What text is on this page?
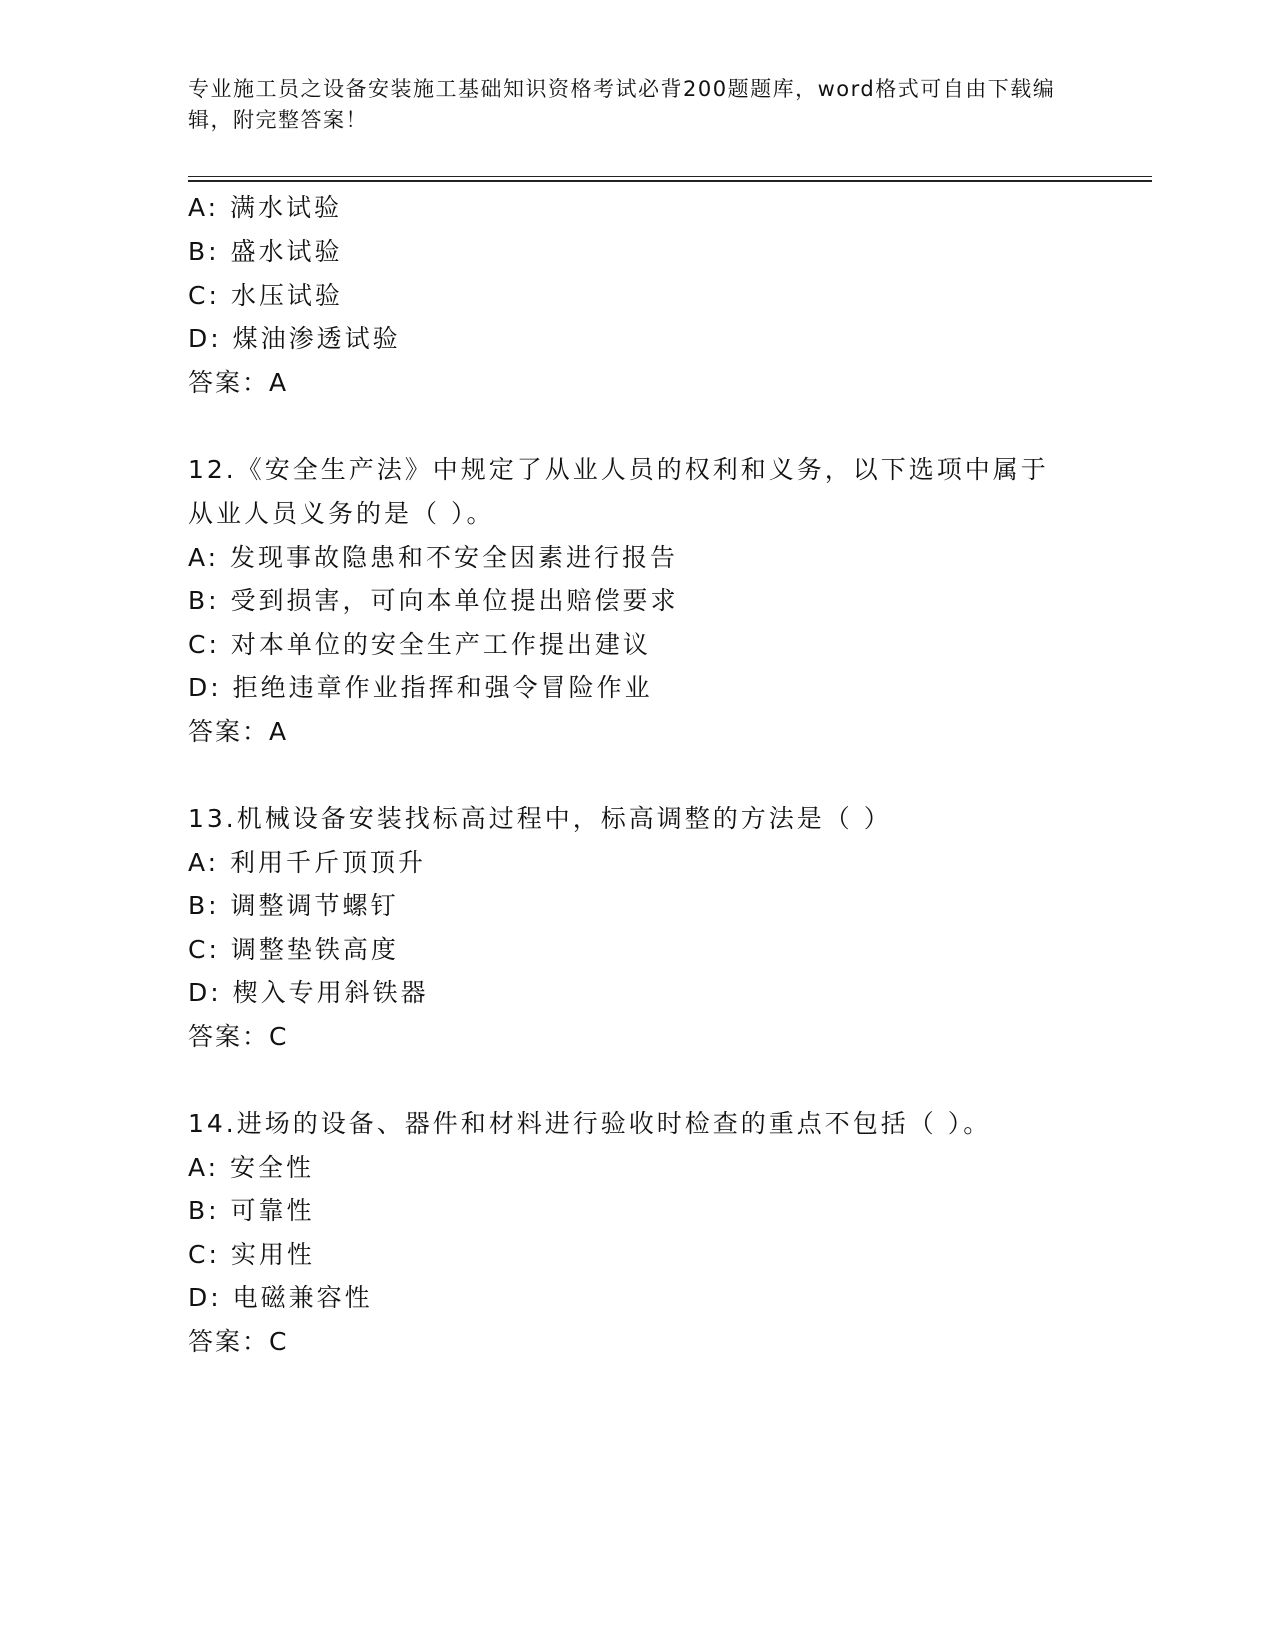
专业施工员之设备安装施工基础知识资格考试必背200题题库，word格式可自由下载编辑，附完整答案！
A: 满水试验
B: 盛水试验
C: 水压试验
D: 煤油渗透试验
答案：A
12.《安全生产法》中规定了从业人员的权利和义务，以下选项中属于
从业人员义务的是（ ）。
A: 发现事故隐患和不安全因素进行报告
B: 受到损害，可向本单位提出赔偿要求
C: 对本单位的安全生产工作提出建议
D: 拒绝违章作业指挥和强令冒险作业
答案：A
13.机械设备安装找标高过程中，标高调整的方法是（ ）
A: 利用千斤顶顶升
B: 调整调节螺钉
C: 调整垫铁高度
D: 楔入专用斜铁器
答案：C
14.进场的设备、器件和材料进行验收时检查的重点不包括（ ）。
A: 安全性
B: 可靠性
C: 实用性
D: 电磁兼容性
答案：C
